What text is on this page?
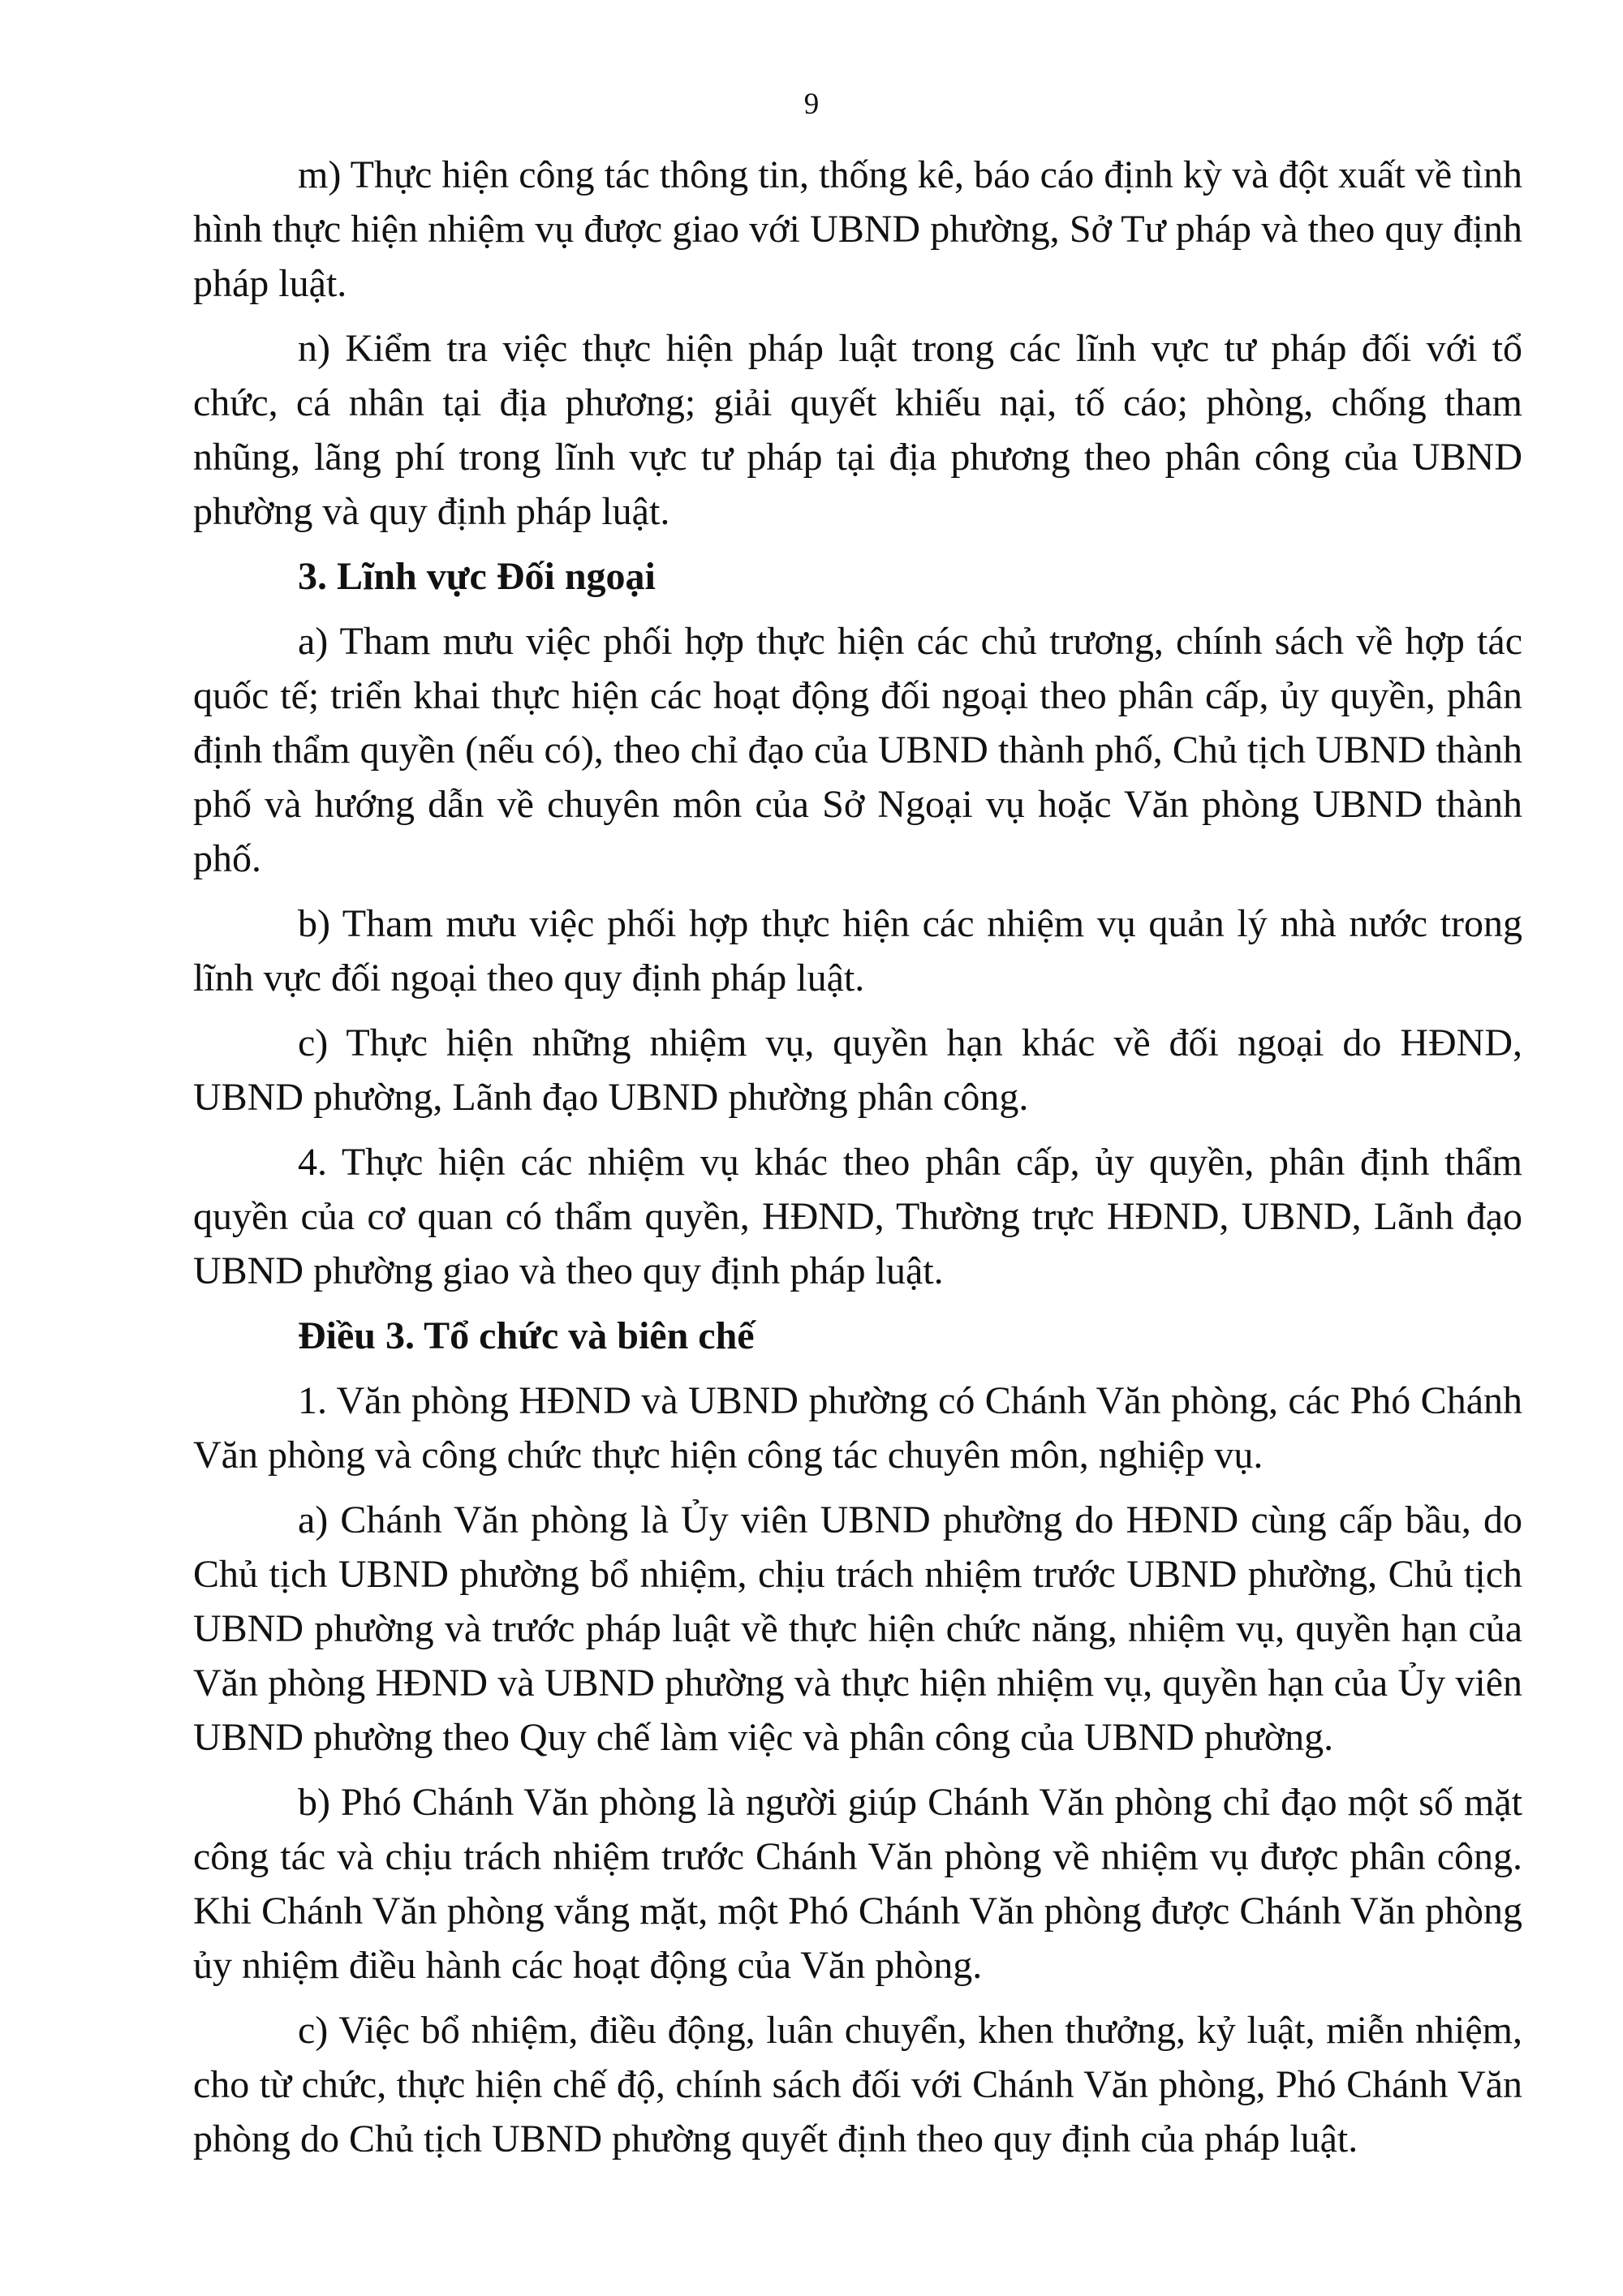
9

m) Thực hiện công tác thông tin, thống kê, báo cáo định kỳ và đột xuất về tình hình thực hiện nhiệm vụ được giao với UBND phường, Sở Tư pháp và theo quy định pháp luật.

n) Kiểm tra việc thực hiện pháp luật trong các lĩnh vực tư pháp đối với tổ chức, cá nhân tại địa phương; giải quyết khiếu nại, tố cáo; phòng, chống tham nhũng, lãng phí trong lĩnh vực tư pháp tại địa phương theo phân công của UBND phường và quy định pháp luật.

3. Lĩnh vực Đối ngoại

a) Tham mưu việc phối hợp thực hiện các chủ trương, chính sách về hợp tác quốc tế; triển khai thực hiện các hoạt động đối ngoại theo phân cấp, ủy quyền, phân định thẩm quyền (nếu có), theo chỉ đạo của UBND thành phố, Chủ tịch UBND thành phố và hướng dẫn về chuyên môn của Sở Ngoại vụ hoặc Văn phòng UBND thành phố.

b) Tham mưu việc phối hợp thực hiện các nhiệm vụ quản lý nhà nước trong lĩnh vực đối ngoại theo quy định pháp luật.

c) Thực hiện những nhiệm vụ, quyền hạn khác về đối ngoại do HĐND, UBND phường, Lãnh đạo UBND phường phân công.

4. Thực hiện các nhiệm vụ khác theo phân cấp, ủy quyền, phân định thẩm quyền của cơ quan có thẩm quyền, HĐND, Thường trực HĐND, UBND, Lãnh đạo UBND phường giao và theo quy định pháp luật.

Điều 3. Tổ chức và biên chế

1. Văn phòng HĐND và UBND phường có Chánh Văn phòng, các Phó Chánh Văn phòng và công chức thực hiện công tác chuyên môn, nghiệp vụ.

a) Chánh Văn phòng là Ủy viên UBND phường do HĐND cùng cấp bầu, do Chủ tịch UBND phường bổ nhiệm, chịu trách nhiệm trước UBND phường, Chủ tịch UBND phường và trước pháp luật về thực hiện chức năng, nhiệm vụ, quyền hạn của Văn phòng HĐND và UBND phường và thực hiện nhiệm vụ, quyền hạn của Ủy viên UBND phường theo Quy chế làm việc và phân công của UBND phường.

b) Phó Chánh Văn phòng là người giúp Chánh Văn phòng chỉ đạo một số mặt công tác và chịu trách nhiệm trước Chánh Văn phòng về nhiệm vụ được phân công. Khi Chánh Văn phòng vắng mặt, một Phó Chánh Văn phòng được Chánh Văn phòng ủy nhiệm điều hành các hoạt động của Văn phòng.

c) Việc bổ nhiệm, điều động, luân chuyển, khen thưởng, kỷ luật, miễn nhiệm, cho từ chức, thực hiện chế độ, chính sách đối với Chánh Văn phòng, Phó Chánh Văn phòng do Chủ tịch UBND phường quyết định theo quy định của pháp luật.
